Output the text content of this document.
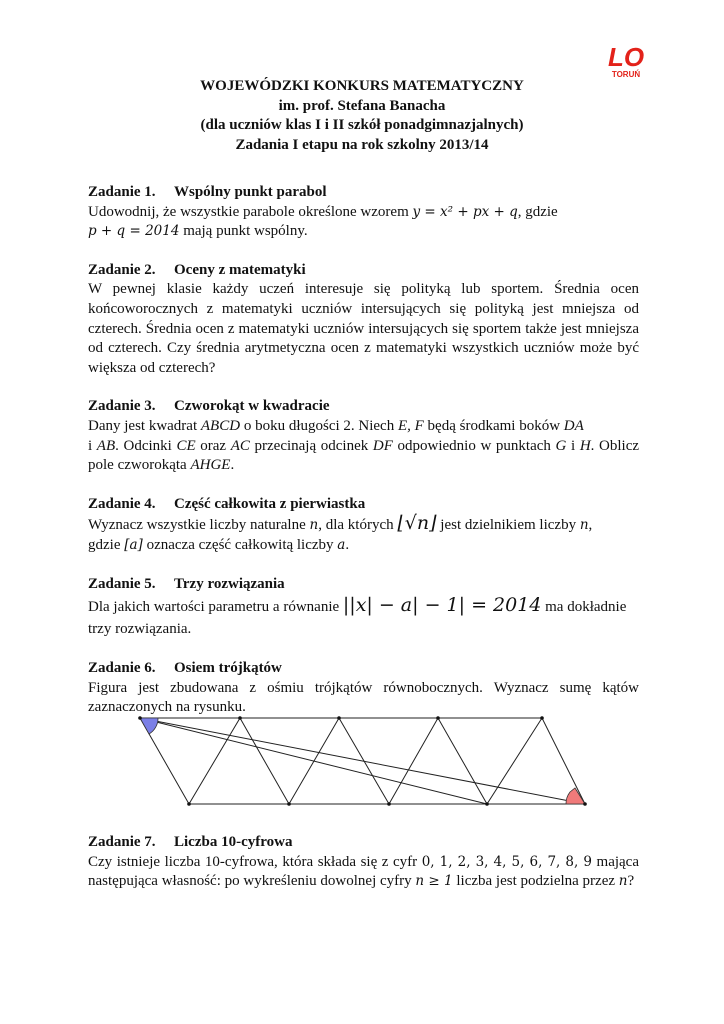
LO
TORUŃ
WOJEWÓDZKI KONKURS MATEMATYCZNY
im. prof. Stefana Banacha
(dla uczniów klas I i II szkół ponadgimnazjalnych)
Zadania I etapu na rok szkolny 2013/14
Zadanie 1. Wspólny punkt parabol

Udowodnij, że wszystkie parabole określone wzorem y = x² + px + q, gdzie
p + q = 2014 mają punkt wspólny.

Zadanie 2. Oceny z matematyki

W pewnej klasie każdy uczeń interesuje się polityką lub sportem. Średnia ocen końcoworocznych z matematyki uczniów intersujących się polityką jest mniejsza od czterech. Średnia ocen z matematyki uczniów intersujących się sportem także jest mniejsza od czterech. Czy średnia arytmetyczna ocen z matematyki wszystkich uczniów może być większa od czterech?

Zadanie 3. Czworokąt w kwadracie

Dany jest kwadrat ABCD o boku długości 2. Niech E, F będą środkami boków DA
i AB. Odcinki CE oraz AC przecinają odcinek DF odpowiednio w punktach G i H. Oblicz pole czworokąta AHGE.

Zadanie 4. Część całkowita z pierwiastka

Wyznacz wszystkie liczby naturalne n, dla których ⌊√n⌋ jest dzielnikiem liczby n,
gdzie [a] oznacza część całkowitą liczby a.

Zadanie 5. Trzy rozwiązania

Dla jakich wartości parametru a równanie ||x| − a| − 1| = 2014 ma dokładnie
trzy rozwiązania.

Zadanie 6. Osiem trójkątów

Figura jest zbudowana z ośmiu trójkątów równobocznych. Wyznacz sumę kątów zaznaczonych na rysunku.

Zadanie 7. Liczba 10-cyfrowa

Czy istnieje liczba 10-cyfrowa, która składa się z cyfr 0, 1, 2, 3, 4, 5, 6, 7, 8, 9 mająca następująca własność: po wykreśleniu dowolnej cyfry n ≥ 1 liczba jest podzielna przez n?
